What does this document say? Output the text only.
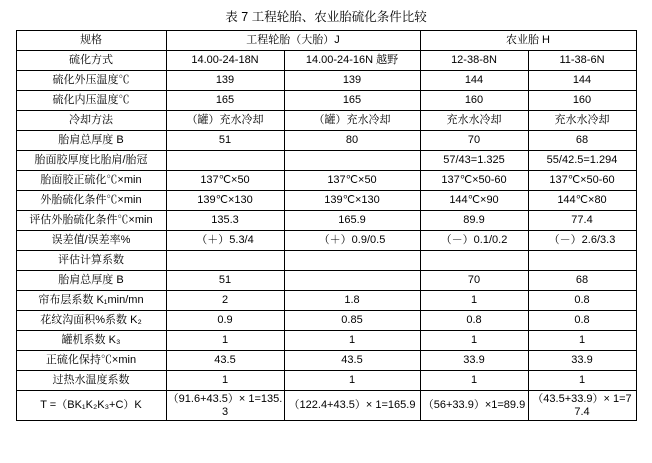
表 7 工程轮胎、农业胎硫化条件比较
规格	工程轮胎（大胎）J		农业胎 H	
硫化方式	14.00-24-18N	14.00-24-16N 越野	12-38-8N	11-38-6N
硫化外压温度℃	139	139	144	144
硫化内压温度℃	165	165	160	160
冷却方法	（罐）充水冷却	（罐）充水冷却	充水水冷却	充水水冷却
胎肩总厚度 B	51	80	70	68
胎面胶厚度比胎肩/胎冠			57/43=1.325	55/42.5=1.294
胎面胶正硫化℃×min	137℃×50	137℃×50	137℃×50-60	137℃×50-60
外胎硫化条件℃×min	139℃×130	139℃×130	144℃×90	144℃×80
评估外胎硫化条件℃×min	135.3	165.9	89.9	77.4
误差值/误差率%	（＋）5.3/4	（＋）0.9/0.5	（－）0.1/0.2	（－）2.6/3.3
评估计算系数				
胎肩总厚度 B	51		70	68
帘布层系数 K₁min/mn	2	1.8	1	0.8
花纹沟面积%系数 K₂	0.9	0.85	0.8	0.8
罐机系数 K₃	1	1	1	1
正硫化保持℃×min	43.5	43.5	33.9	33.9
过热水温度系数	1	1	1	1
T =（BK₁K₂K₃+C）K	（91.6+43.5）× 1=135.3	（122.4+43.5）× 1=165.9	（56+33.9）×1=89.9	（43.5+33.9）× 1=77.4
